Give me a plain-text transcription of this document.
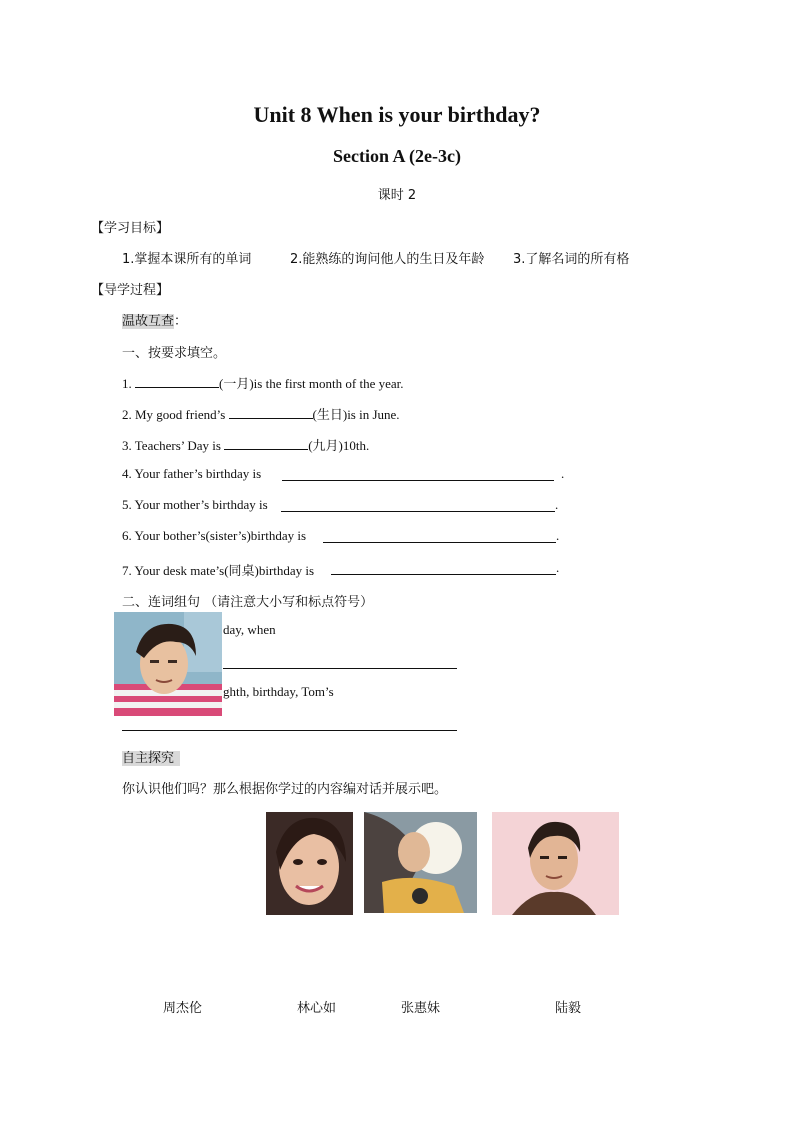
Unit 8 When is your birthday?
Section A (2e-3c)
课时 2
【学习目标】
1.掌握本课所有的单词	2.能熟练的询问他人的生日及年龄 3.了解名词的所有格
【导学过程】
温故互查：
一、按要求填空。
1.	(一月)is the first month of the year.
2. My good friend’s	(生日)is in June.
3. Teachers’ Day is	(九月)10th.
4. Your father’s birthday is	.
5. Your mother’s birthday is	.
6. Your bother’s(sister’s)birthday is	.
7. Your desk mate’s(同桌)birthday is	.
二、连词组句 （请注意大小写和标点符号）
day, when
ghth, birthday, Tom’s
自主探究
你认识他们吗？那么根据你学过的内容编对话并展示吧。
周杰伦	林心如	张惠妹	陆毅
